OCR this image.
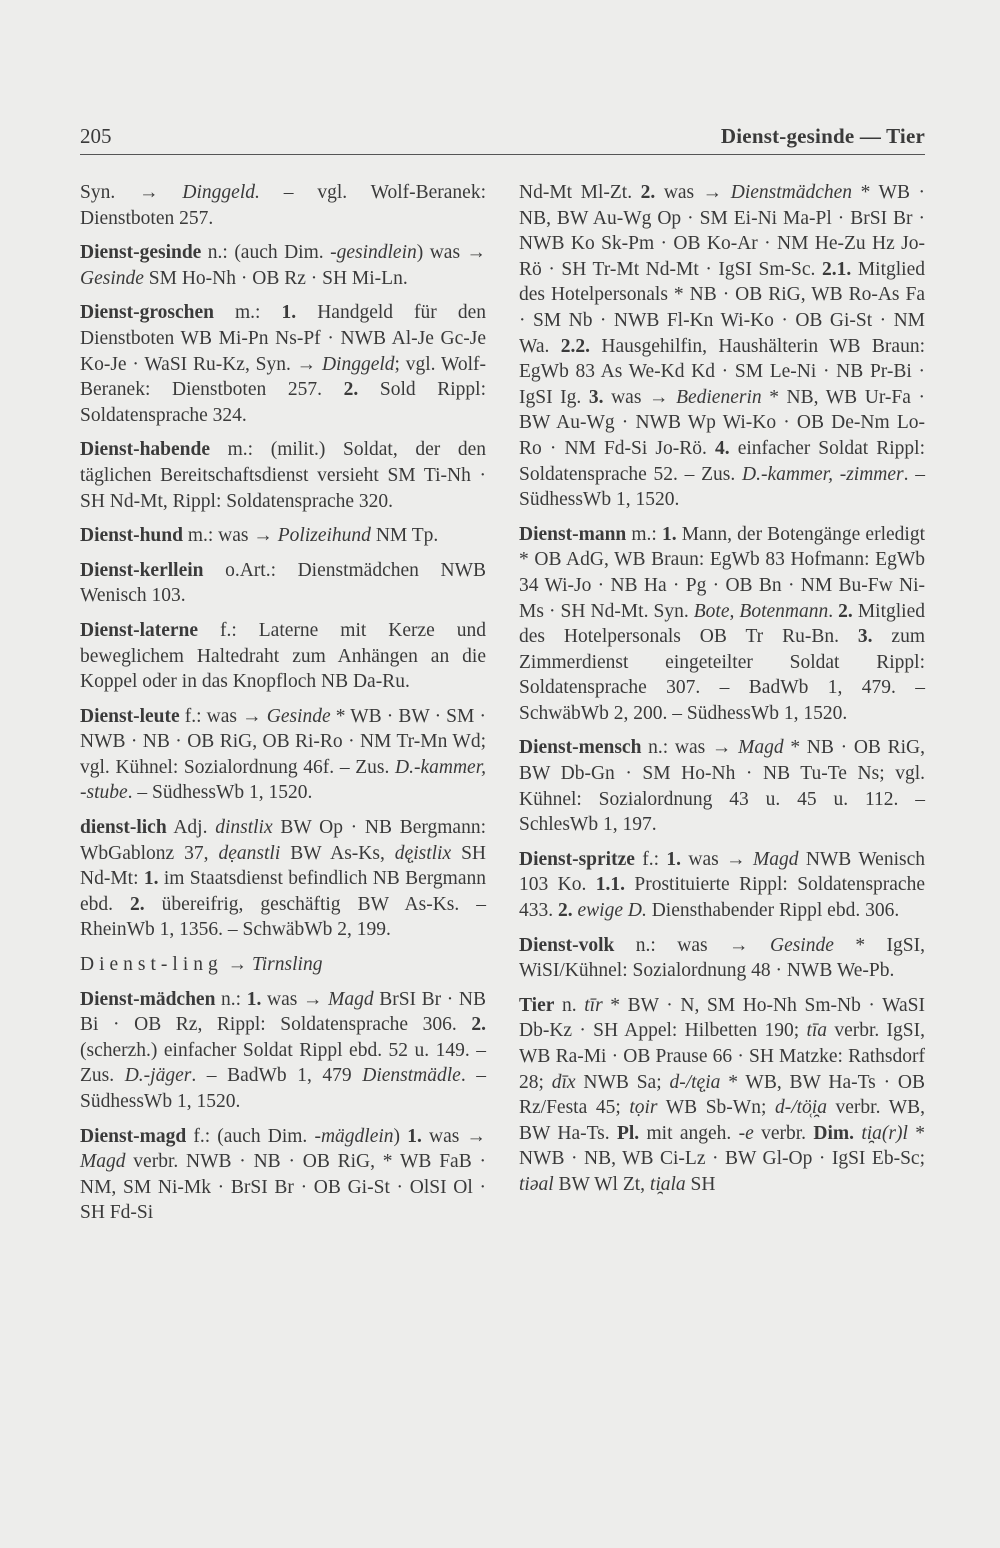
205	Dienst-gesinde — Tier

Syn. → Dinggeld. – vgl. Wolf-Beranek: Dienstboten 257.

Dienst-gesinde n.: (auch Dim. -gesindlein) was → Gesinde SM Ho-Nh · OB Rz · SH Mi-Ln.

Dienst-groschen m.: 1. Handgeld für den Dienstboten WB Mi-Pn Ns-Pf · NWB Al-Je Gc-Je Ko-Je · WaSI Ru-Kz, Syn. → Dinggeld; vgl. Wolf-Beranek: Dienstboten 257. 2. Sold Rippl: Soldatensprache 324.

Dienst-habende m.: (milit.) Soldat, der den täglichen Bereitschaftsdienst versieht SM Ti-Nh · SH Nd-Mt, Rippl: Soldatensprache 320.

Dienst-hund m.: was → Polizeihund NM Tp.

Dienst-kerllein o.Art.: Dienstmädchen NWB Wenisch 103.

Dienst-laterne f.: Laterne mit Kerze und beweglichem Haltedraht zum Anhängen an die Koppel oder in das Knopfloch NB Da-Ru.

Dienst-leute f.: was → Gesinde * WB · BW · SM · NWB · NB · OB RiG, OB Ri-Ro · NM Tr-Mn Wd; vgl. Kühnel: Sozialordnung 46f. – Zus. D.-kammer, -stube. – SüdhessWb 1, 1520.

dienst-lich Adj. dinstlix BW Op · NB Bergmann: WbGablonz 37, dẹanstli BW As-Ks, dę̣istlix SH Nd-Mt: 1. im Staatsdienst befindlich NB Bergmann ebd. 2. übereifrig, geschäftig BW As-Ks. – RheinWb 1, 1356. – SchwäbWb 2, 199.

Dienst-ling → Tirnsling

Dienst-mädchen n.: 1. was → Magd BrSI Br · NB Bi · OB Rz, Rippl: Soldatensprache 306. 2. (scherzh.) einfacher Soldat Rippl ebd. 52 u. 149. – Zus. D.-jäger. – BadWb 1, 479 Dienstmädle. – SüdhessWb 1, 1520.

Dienst-magd f.: (auch Dim. -mägdlein) 1. was → Magd verbr. NWB · NB · OB RiG, * WB FaB · NM, SM Ni-Mk · BrSI Br · OB Gi-St · OlSI Ol · SH Fd-Si

Nd-Mt Ml-Zt. 2. was → Dienstmädchen * WB · NB, BW Au-Wg Op · SM Ei-Ni Ma-Pl · BrSI Br · NWB Ko Sk-Pm · OB Ko-Ar · NM He-Zu Hz Jo-Rö · SH Tr-Mt Nd-Mt · IgSI Sm-Sc. 2.1. Mitglied des Hotelpersonals * NB · OB RiG, WB Ro-As Fa · SM Nb · NWB Fl-Kn Wi-Ko · OB Gi-St · NM Wa. 2.2. Hausgehilfin, Haushälterin WB Braun: EgWb 83 As We-Kd Kd · SM Le-Ni · NB Pr-Bi · IgSI Ig. 3. was → Bedienerin * NB, WB Ur-Fa · BW Au-Wg · NWB Wp Wi-Ko · OB De-Nm Lo-Ro · NM Fd-Si Jo-Rö. 4. einfacher Soldat Rippl: Soldatensprache 52. – Zus. D.-kammer, -zimmer. – SüdhessWb 1, 1520.

Dienst-mann m.: 1. Mann, der Botengänge erledigt * OB AdG, WB Braun: EgWb 83 Hofmann: EgWb 34 Wi-Jo · NB Ha · Pg · OB Bn · NM Bu-Fw Ni-Ms · SH Nd-Mt. Syn. Bote, Botenmann. 2. Mitglied des Hotelpersonals OB Tr Ru-Bn. 3. zum Zimmerdienst eingeteilter Soldat Rippl: Soldatensprache 307. – BadWb 1, 479. – SchwäbWb 2, 200. – SüdhessWb 1, 1520.

Dienst-mensch n.: was → Magd * NB · OB RiG, BW Db-Gn · SM Ho-Nh · NB Tu-Te Ns; vgl. Kühnel: Sozialordnung 43 u. 45 u. 112. – SchlesWb 1, 197.

Dienst-spritze f.: 1. was → Magd NWB Wenisch 103 Ko. 1.1. Prostituierte Rippl: Soldatensprache 433. 2. ewige D. Diensthabender Rippl ebd. 306.

Dienst-volk n.: was → Gesinde * IgSI, WiSI/Kühnel: Sozialordnung 48 · NWB We-Pb.

Tier n. tīr * BW · N, SM Ho-Nh Sm-Nb · WaSI Db-Kz · SH Appel: Hilbetten 190; tīa verbr. IgSI, WB Ra-Mi · OB Prause 66 · SH Matzke: Rathsdorf 28; dīx NWB Sa; d-/tę̣ia * WB, BW Ha-Ts · OB Rz/Festa 45; tọir WB Sb-Wn; d-/tö̜i̯a verbr. WB, BW Ha-Ts. Pl. mit angeh. -e verbr. Dim. ti̯a(r)l * NWB · NB, WB Ci-Lz · BW Gl-Op · IgSI Eb-Sc; tiəal BW Wl Zt, ti̯ala SH
